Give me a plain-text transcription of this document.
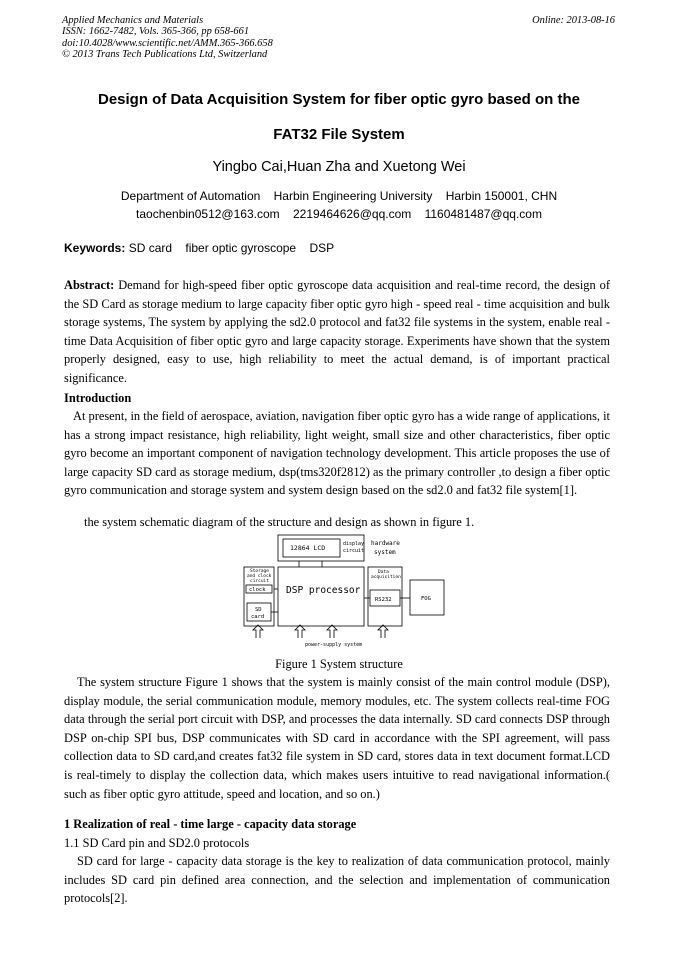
Applied Mechanics and Materials
ISSN: 1662-7482, Vols. 365-366, pp 658-661
doi:10.4028/www.scientific.net/AMM.365-366.658
© 2013 Trans Tech Publications Ltd, Switzerland
Online: 2013-08-16
Design of Data Acquisition System for fiber optic gyro based on the
FAT32 File System
Yingbo Cai,Huan Zha and Xuetong Wei
Department of Automation    Harbin Engineering University    Harbin 150001, CHN
taochenbin0512@163.com    2219464626@qq.com    1160481487@qq.com
Keywords: SD card    fiber optic gyroscope    DSP

Abstract: Demand for high-speed fiber optic gyroscope data acquisition and real-time record, the design of the SD Card as storage medium to large capacity fiber optic gyro high - speed real - time acquisition and bulk storage systems, The system by applying the sd2.0 protocol and fat32 file systems in the system, enable real - time Data Acquisition of fiber optic gyro and large capacity storage. Experiments have shown that the system properly designed, easy to use, high reliability to meet the actual demand, is of important practical significance.

Introduction

At present, in the field of aerospace, aviation, navigation fiber optic gyro has a wide range of applications, it has a strong impact resistance, high reliability, light weight, small size and other characteristics, fiber optic gyro become an important component of navigation technology development. This article proposes the use of large capacity SD card as storage medium, dsp(tms320f2812) as the primary controller ,to design a fiber optic gyro communication and storage system and system design based on the sd2.0 and fat32 file system[1].

the system schematic diagram of the structure and design as shown in figure 1.
12864 LCD	display
circuit
hardware
system
Storage
and clock
circuit
clock
SD
card
DSP processor
Data
acquisition
RS232	FOG
power-supply system
Figure 1 System structure

The system structure Figure 1 shows that the system is mainly consist of the main control module (DSP), display module, the serial communication module, memory modules, etc. The system collects real-time FOG data through the serial port circuit with DSP, and processes the data internally. SD card connects DSP through DSP on-chip SPI bus, DSP communicates with SD card in accordance with the SPI agreement, will pass collection data to SD card,and creates fat32 file system in SD card, stores data in text document format.LCD is real-timely to display the collection data, which makes users intuitive to read navigational information.( such as fiber optic gyro attitude, speed and location, and so on.)

1 Realization of real - time large - capacity data storage
1.1 SD Card pin and SD2.0 protocols

SD card for large - capacity data storage is the key to realization of data communication protocol, mainly includes SD card pin defined area connection, and the selection and implementation of communication protocols[2].
